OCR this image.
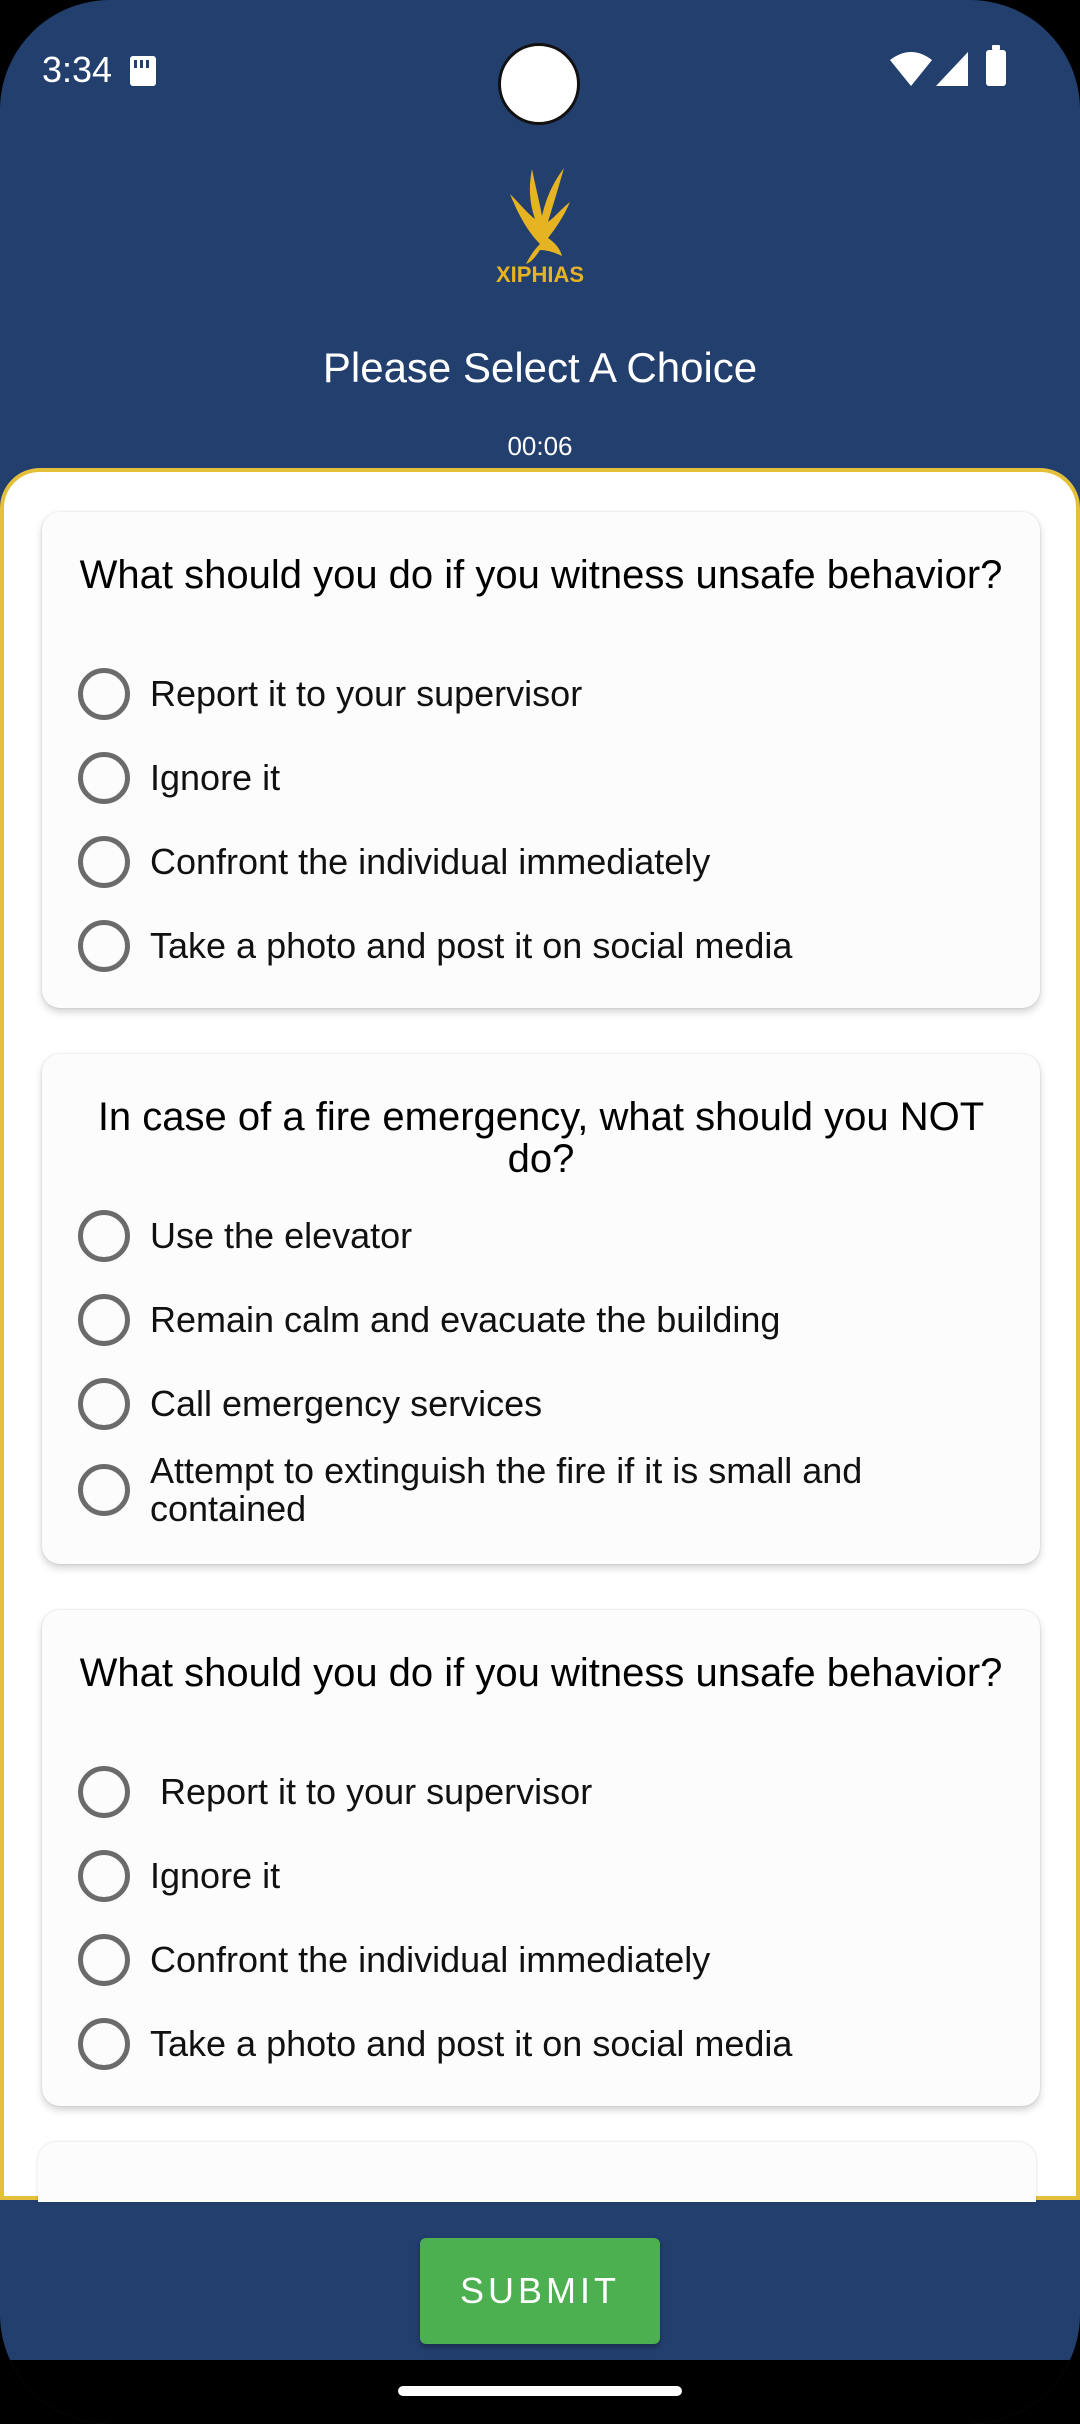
3:34
XIPHIAS
Please Select A Choice
00:06
What should you do if you witness unsafe behavior?
Report it to your supervisor
Ignore it
Confront the individual immediately
Take a photo and post it on social media
In case of a fire emergency, what should you NOT do?
Use the elevator
Remain calm and evacuate the building
Call emergency services
Attempt to extinguish the fire if it is small and contained
What should you do if you witness unsafe behavior?
Report it to your supervisor
Ignore it
Confront the individual immediately
Take a photo and post it on social media
SUBMIT
